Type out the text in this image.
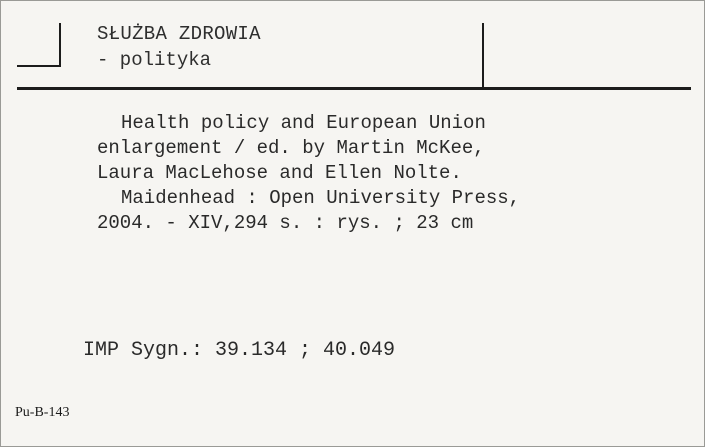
SŁUŻBA ZDROWIA
- polityka
Health policy and European Union
enlargement / ed. by Martin McKee,
Laura MacLehose and Ellen Nolte.
Maidenhead : Open University Press,
2004. - XIV,294 s. : rys. ; 23 cm
IMP Sygn.: 39.134 ; 40.049
Pu-B-143
